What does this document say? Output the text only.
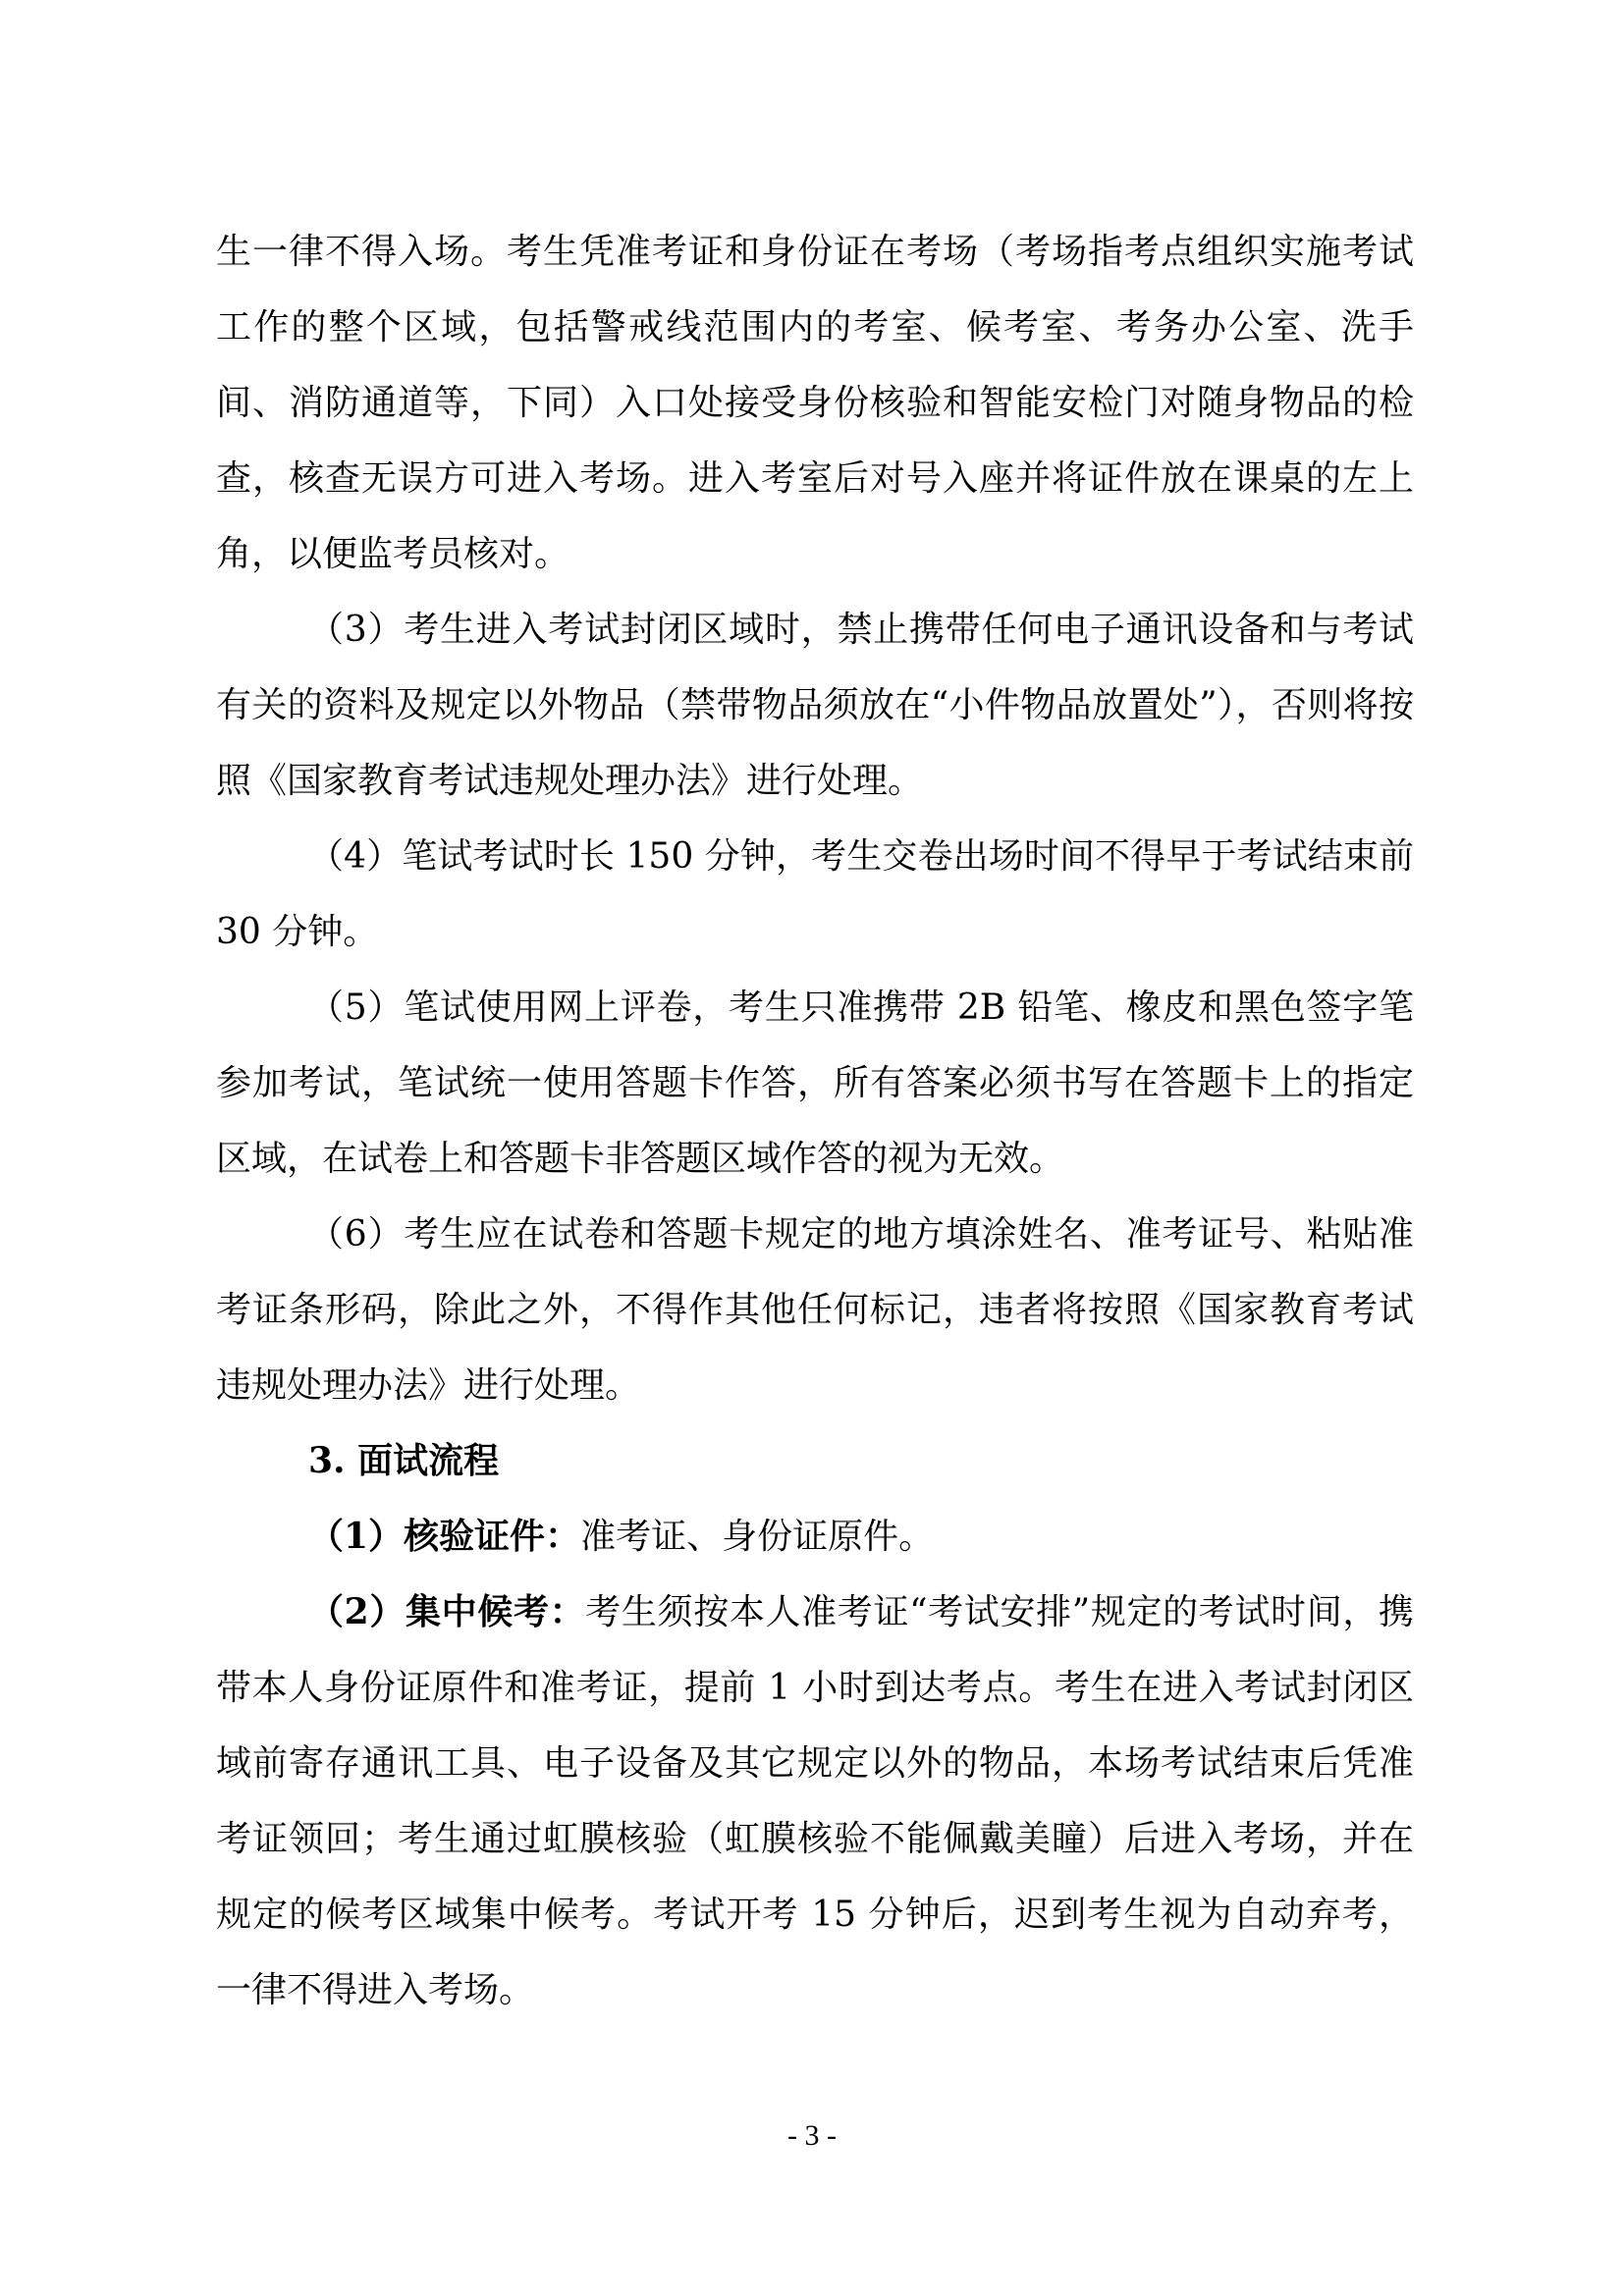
生一律不得入场。考生凭准考证和身份证在考场（考场指考点组织实施考试工作的整个区域，包括警戒线范围内的考室、候考室、考务办公室、洗手间、消防通道等，下同）入口处接受身份核验和智能安检门对随身物品的检查，核查无误方可进入考场。进入考室后对号入座并将证件放在课桌的左上角，以便监考员核对。

（3）考生进入考试封闭区域时，禁止携带任何电子通讯设备和与考试有关的资料及规定以外物品（禁带物品须放在“小件物品放置处”），否则将按照《国家教育考试违规处理办法》进行处理。

（4）笔试考试时长 150 分钟，考生交卷出场时间不得早于考试结束前 30 分钟。

（5）笔试使用网上评卷，考生只准携带 2B 铅笔、橡皮和黑色签字笔参加考试，笔试统一使用答题卡作答，所有答案必须书写在答题卡上的指定区域，在试卷上和答题卡非答题区域作答的视为无效。

（6）考生应在试卷和答题卡规定的地方填涂姓名、准考证号、粘贴准考证条形码，除此之外，不得作其他任何标记，违者将按照《国家教育考试违规处理办法》进行处理。

3. 面试流程

（1）核验证件：准考证、身份证原件。

（2）集中候考：考生须按本人准考证“考试安排”规定的考试时间，携带本人身份证原件和准考证，提前 1 小时到达考点。考生在进入考试封闭区域前寄存通讯工具、电子设备及其它规定以外的物品，本场考试结束后凭准考证领回；考生通过虹膜核验（虹膜核验不能佩戴美瞳）后进入考场，并在规定的候考区域集中候考。考试开考 15 分钟后，迟到考生视为自动弃考，一律不得进入考场。

- 3 -
